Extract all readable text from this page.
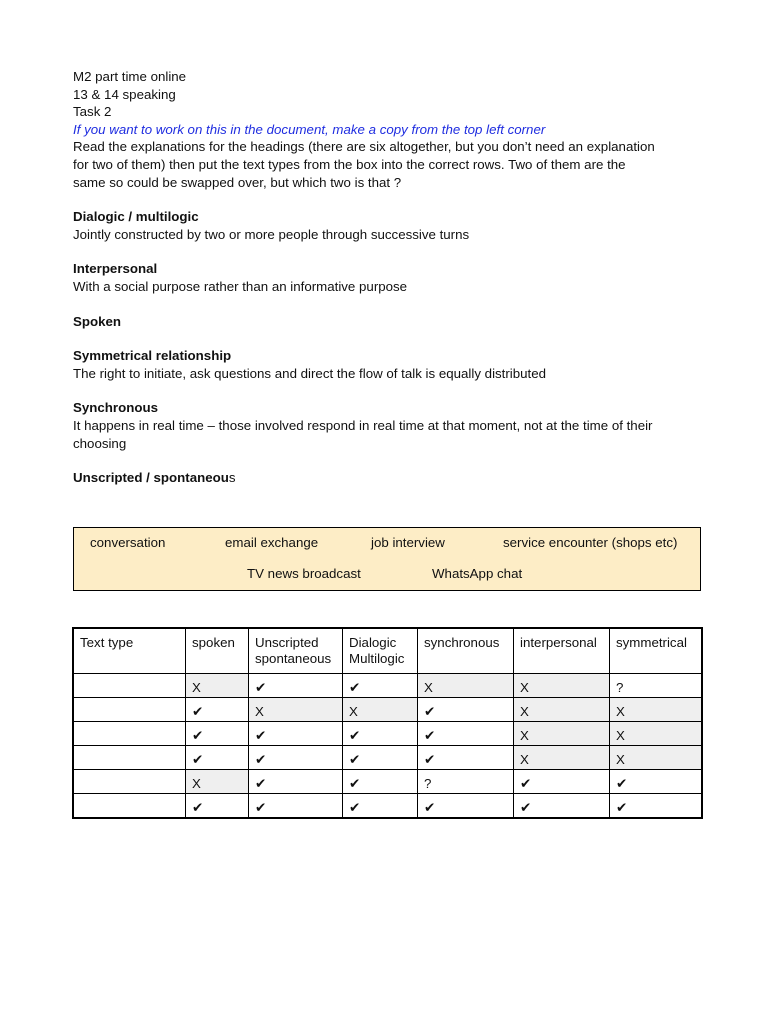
M2 part time online

13 & 14 speaking

Task 2

If you want to work on this in the document, make a copy from the top left corner

Read the explanations for the headings (there are six altogether, but you don’t need an explanation

for two of them) then put the text types from the box into the correct rows. Two of them are the

same so could be swapped over, but which two is that ?

Dialogic / multilogic

Jointly constructed by two or more people through successive turns

Interpersonal

With a social purpose rather than an informative purpose

Spoken

Symmetrical relationship

The right to initiate, ask questions and direct the flow of talk is equally distributed

Synchronous

It happens in real time – those involved respond in real time at that moment, not at the time of their

choosing

Unscripted / spontaneous

conversation	email exchange	job interview	service encounter (shops etc)
TV news broadcast	WhatsApp chat
Text type	spoken	Unscripted
spontaneous	Dialogic
Multilogic	synchronous	interpersonal	symmetrical
	X	✔	✔	X	X	?
	✔	X	X	✔	X	X
	✔	✔	✔	✔	X	X
	✔	✔	✔	✔	X	X
	X	✔	✔	?	✔	✔
	✔	✔	✔	✔	✔	✔
